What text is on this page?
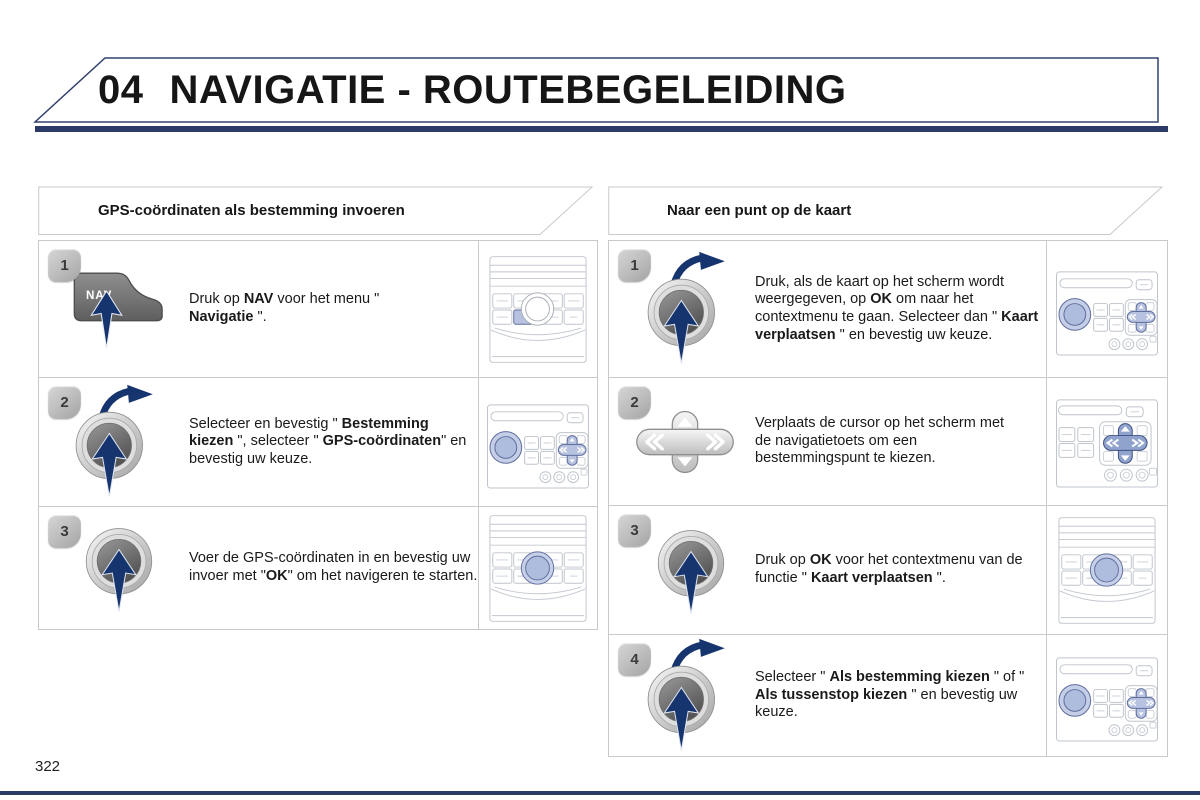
04 NAVIGATIE - ROUTEBEGELEIDING
GPS-coördinaten als bestemming invoeren	Naar een punt op de kaart
1

Druk op NAV voor het menu " Navigatie ".

2

Selecteer en bevestig " Bestemming kiezen ", selecteer " GPS-coördinaten" en bevestig uw keuze.

3

Voer de GPS-coördinaten in en bevestig uw invoer met "OK" om het navigeren te starten.

1

Druk, als de kaart op het scherm wordt weergegeven, op OK om naar het contextmenu te gaan. Selecteer dan " Kaart verplaatsen " en bevestig uw keuze.

2

Verplaats de cursor op het scherm met de navigatietoets om een bestemmingspunt te kiezen.

3

Druk op OK voor het contextmenu van de functie " Kaart verplaatsen ".

4

Selecteer " Als bestemming kiezen " of " Als tussenstop kiezen " en bevestig uw keuze.

322
